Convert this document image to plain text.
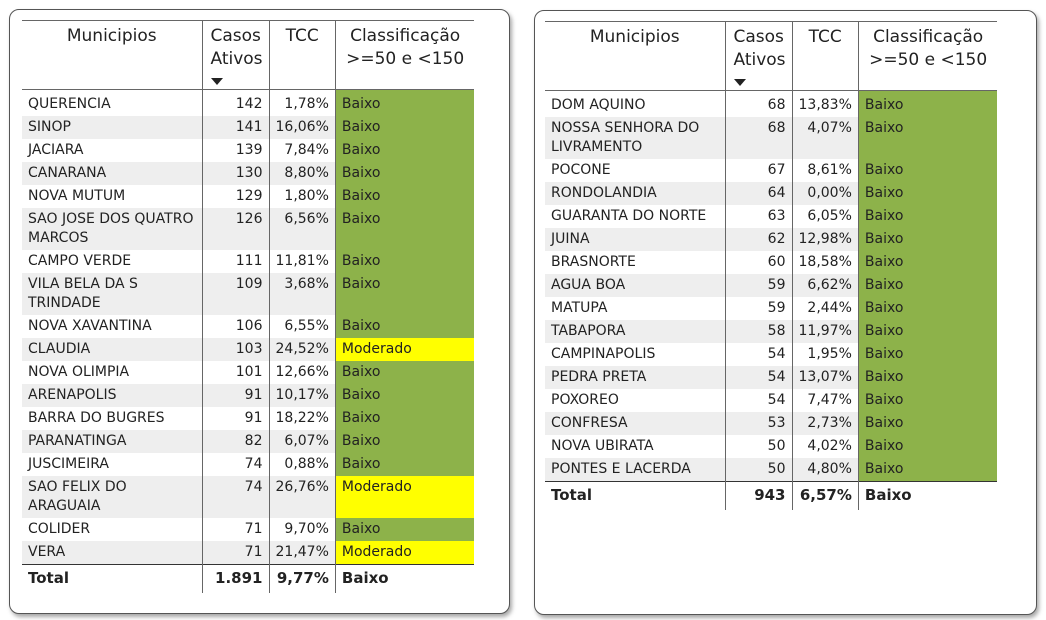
Municipios	Casos Ativos	TCC	Classificação
>=50 e <150

QUERENCIA	142	1,78%	Baixo
SINOP	141	16,06%	Baixo
JACIARA	139	7,84%	Baixo
CANARANA	130	8,80%	Baixo
NOVA MUTUM	129	1,80%	Baixo
SAO JOSE DOS QUATRO MARCOS	126	6,56%	Baixo
CAMPO VERDE	111	11,81%	Baixo
VILA BELA DA S TRINDADE	109	3,68%	Baixo
NOVA XAVANTINA	106	6,55%	Baixo
CLAUDIA	103	24,52%	Moderado
NOVA OLIMPIA	101	12,66%	Baixo
ARENAPOLIS	91	10,17%	Baixo
BARRA DO BUGRES	91	18,22%	Baixo
PARANATINGA	82	6,07%	Baixo
JUSCIMEIRA	74	0,88%	Baixo
SAO FELIX DO ARAGUAIA	74	26,76%	Moderado
COLIDER	71	9,70%	Baixo
VERA	71	21,47%	Moderado
Total	1.891	9,77%	Baixo
Municipios	Casos Ativos	TCC	Classificação
>=50 e <150

DOM AQUINO	68	13,83%	Baixo
NOSSA SENHORA DO LIVRAMENTO	68	4,07%	Baixo
POCONE	67	8,61%	Baixo
RONDOLANDIA	64	0,00%	Baixo
GUARANTA DO NORTE	63	6,05%	Baixo
JUINA	62	12,98%	Baixo
BRASNORTE	60	18,58%	Baixo
AGUA BOA	59	6,62%	Baixo
MATUPA	59	2,44%	Baixo
TABAPORA	58	11,97%	Baixo
CAMPINAPOLIS	54	1,95%	Baixo
PEDRA PRETA	54	13,07%	Baixo
POXOREO	54	7,47%	Baixo
CONFRESA	53	2,73%	Baixo
NOVA UBIRATA	50	4,02%	Baixo
PONTES E LACERDA	50	4,80%	Baixo
Total	943	6,57%	Baixo
